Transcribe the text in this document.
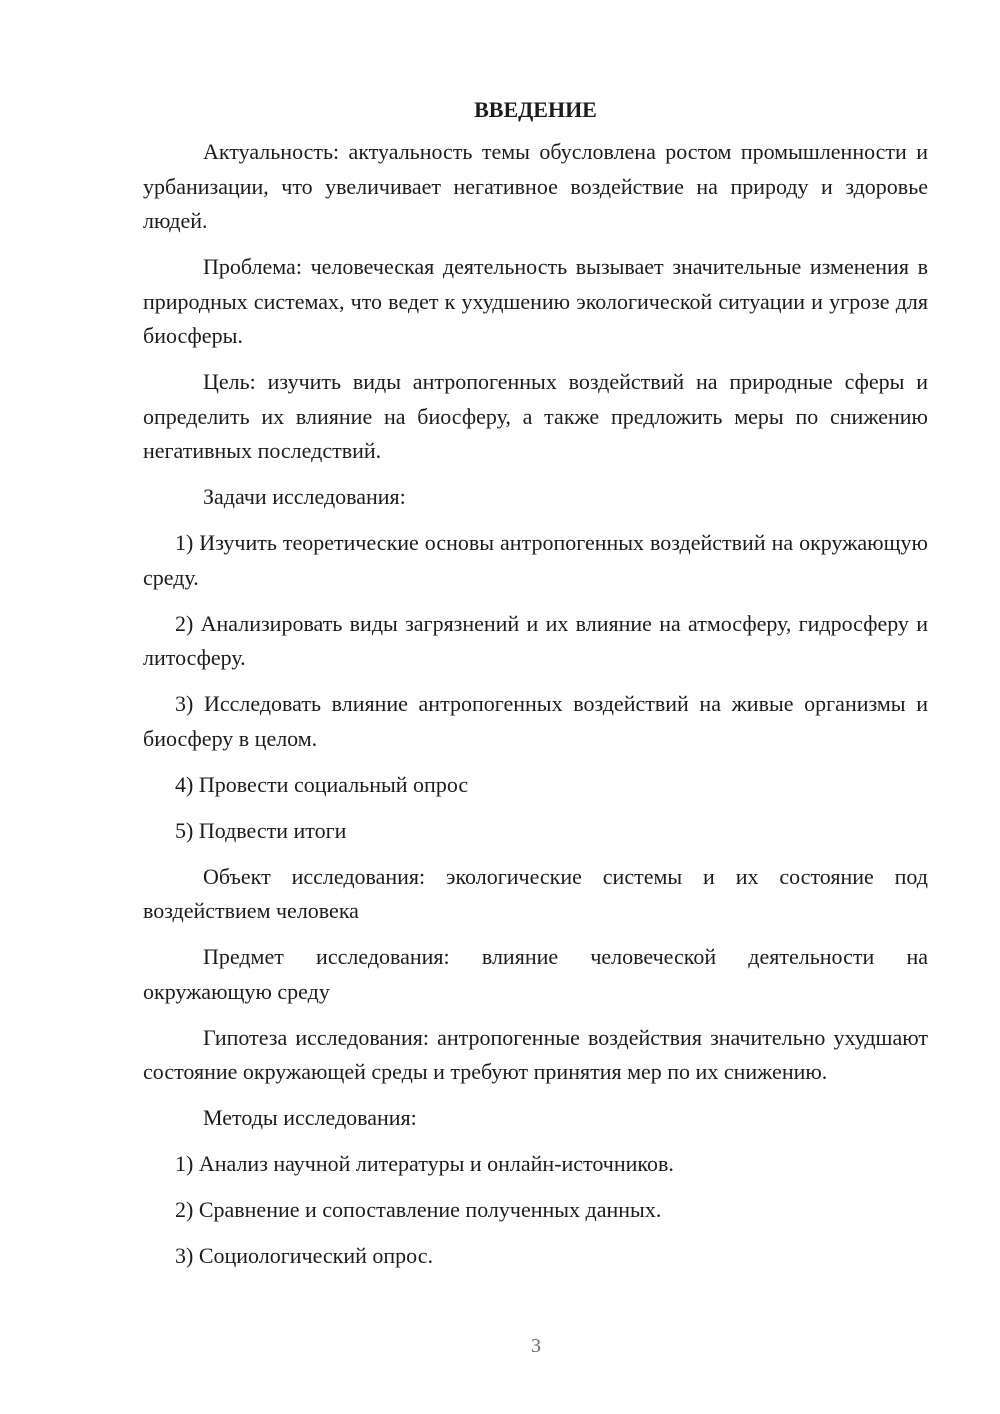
ВВЕДЕНИЕ

Актуальность: актуальность темы обусловлена ростом промышленности и урбанизации, что увеличивает негативное воздействие на природу и здоровье людей.

Проблема: человеческая деятельность вызывает значительные изменения в природных системах, что ведет к ухудшению экологической ситуации и угрозе для биосферы.

Цель: изучить виды антропогенных воздействий на природные сферы и определить их влияние на биосферу, а также предложить меры по снижению негативных последствий.

Задачи исследования:

1) Изучить теоретические основы антропогенных воздействий на окружающую среду.

2) Анализировать виды загрязнений и их влияние на атмосферу, гидросферу и литосферу.

3) Исследовать влияние антропогенных воздействий на живые организмы и биосферу в целом.

4) Провести социальный опрос

5) Подвести итоги

Объект исследования: экологические системы и их состояние под воздействием человека

Предмет исследования: влияние человеческой деятельности на окружающую среду

Гипотеза исследования: антропогенные воздействия значительно ухудшают состояние окружающей среды и требуют принятия мер по их снижению.

Методы исследования:

1) Анализ научной литературы и онлайн-источников.

2) Сравнение и сопоставление полученных данных.

3) Социологический опрос.

3
